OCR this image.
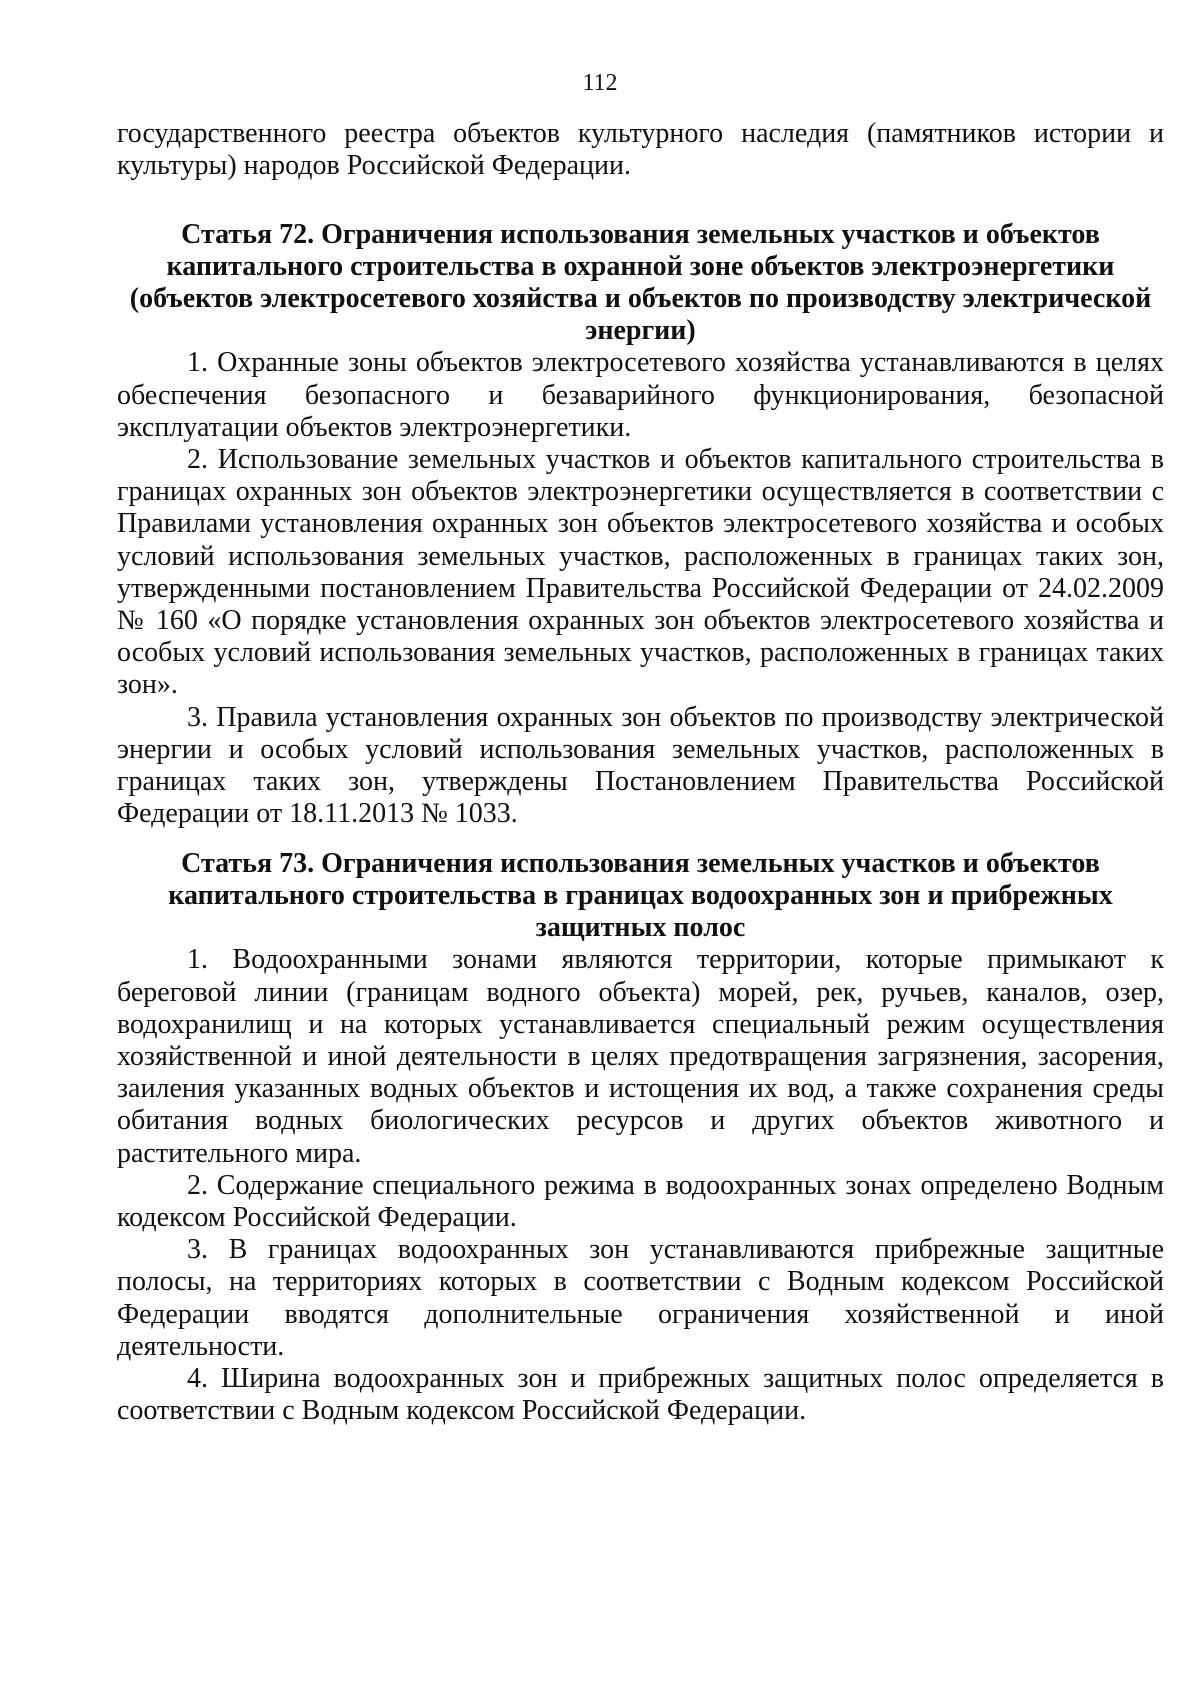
112

государственного реестра объектов культурного наследия (памятников истории и культуры) народов Российской Федерации.

Статья 72. Ограничения использования земельных участков и объектов
капитального строительства в охранной зоне объектов электроэнергетики
(объектов электросетевого хозяйства и объектов по производству электрической
энергии)

1. Охранные зоны объектов электросетевого хозяйства устанавливаются в целях обеспечения безопасного и безаварийного функционирования, безопасной эксплуатации объектов электроэнергетики.

2. Использование земельных участков и объектов капитального строительства в границах охранных зон объектов электроэнергетики осуществляется в соответствии с Правилами установления охранных зон объектов электросетевого хозяйства и особых условий использования земельных участков, расположенных в границах таких зон, утвержденными постановлением Правительства Российской Федерации от 24.02.2009 № 160 «О порядке установления охранных зон объектов электросетевого хозяйства и особых условий использования земельных участков, расположенных в границах таких зон».

3. Правила установления охранных зон объектов по производству электрической энергии и особых условий использования земельных участков, расположенных в границах таких зон, утверждены Постановлением Правительства Российской Федерации от 18.11.2013 № 1033.

Статья 73. Ограничения использования земельных участков и объектов
капитального строительства в границах водоохранных зон и прибрежных
защитных полос

1. Водоохранными зонами являются территории, которые примыкают к береговой линии (границам водного объекта) морей, рек, ручьев, каналов, озер, водохранилищ и на которых устанавливается специальный режим осуществления хозяйственной и иной деятельности в целях предотвращения загрязнения, засорения, заиления указанных водных объектов и истощения их вод, а также сохранения среды обитания водных биологических ресурсов и других объектов животного и растительного мира.

2. Содержание специального режима в водоохранных зонах определено Водным кодексом Российской Федерации.

3. В границах водоохранных зон устанавливаются прибрежные защитные полосы, на территориях которых в соответствии с Водным кодексом Российской Федерации вводятся дополнительные ограничения хозяйственной и иной деятельности.

4. Ширина водоохранных зон и прибрежных защитных полос определяется в соответствии с Водным кодексом Российской Федерации.
